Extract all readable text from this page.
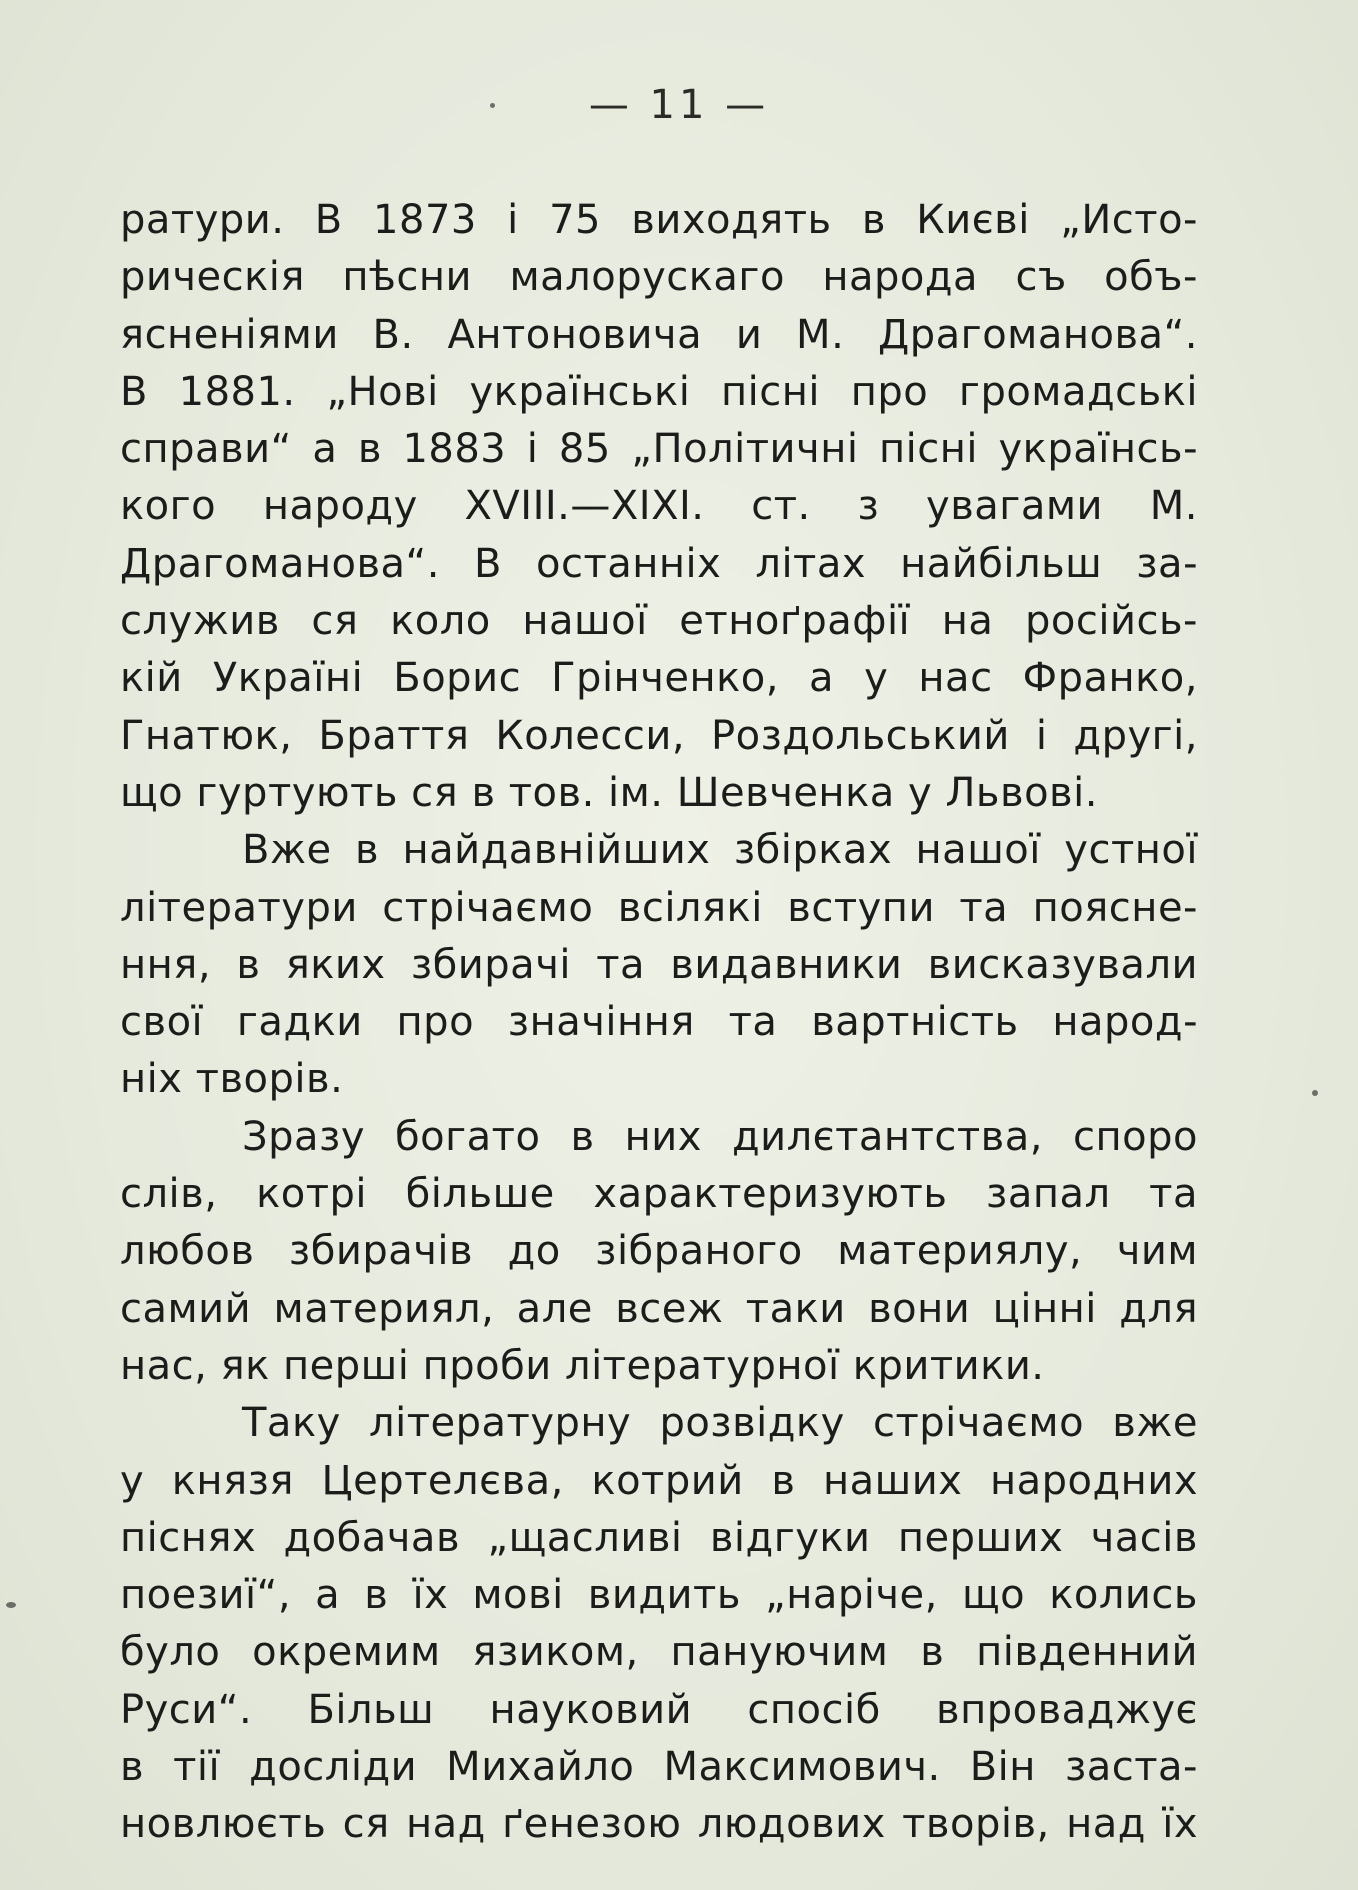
— 11 —
ратури. В 1873 і 75 виходять в Києві „Исто-
рическія пѣсни малорускаго народа съ объ-
ясненіями В. Антоновича и М. Драгоманова“.
В 1881. „Нові українські пісні про громадські
справи“ а в 1883 і 85 „Політичні пісні українсь-
кого народу XVIII.—XIXI. ст. з увагами М.
Драгоманова“. В останніх літах найбільш за-
служив ся коло нашої етноґрафії на російсь-
кій Україні Борис Грінченко, а у нас Франко,
Гнатюк, Браття Колесси, Роздольський і другі,
що гуртують ся в тов. ім. Шевченка у Львові.
Вже в найдавнійших збірках нашої устної
літератури стрічаємо всілякі вступи та поясне-
ння, в яких збирачі та видавники висказували
свої гадки про значіння та вартність народ-
ніх творів.
Зразу богато в них дилєтантства, споро
слів, котрі більше характеризують запал та
любов збирачів до зібраного материялу, чим
самий материял, але всеж таки вони цінні для
нас, як перші проби літературної критики.
Таку літературну розвідку стрічаємо вже
у князя Цертелєва, котрий в наших народних
піснях добачав „щасливі відгуки перших часів
поезиї“, а в їх мові видить „наріче, що колись
було окремим язиком, пануючим в південний
Руси“. Більш науковий спосіб впроваджує
в тії досліди Михайло Максимович. Він заста-
новлюєть ся над ґенезою людових творів, над їх
